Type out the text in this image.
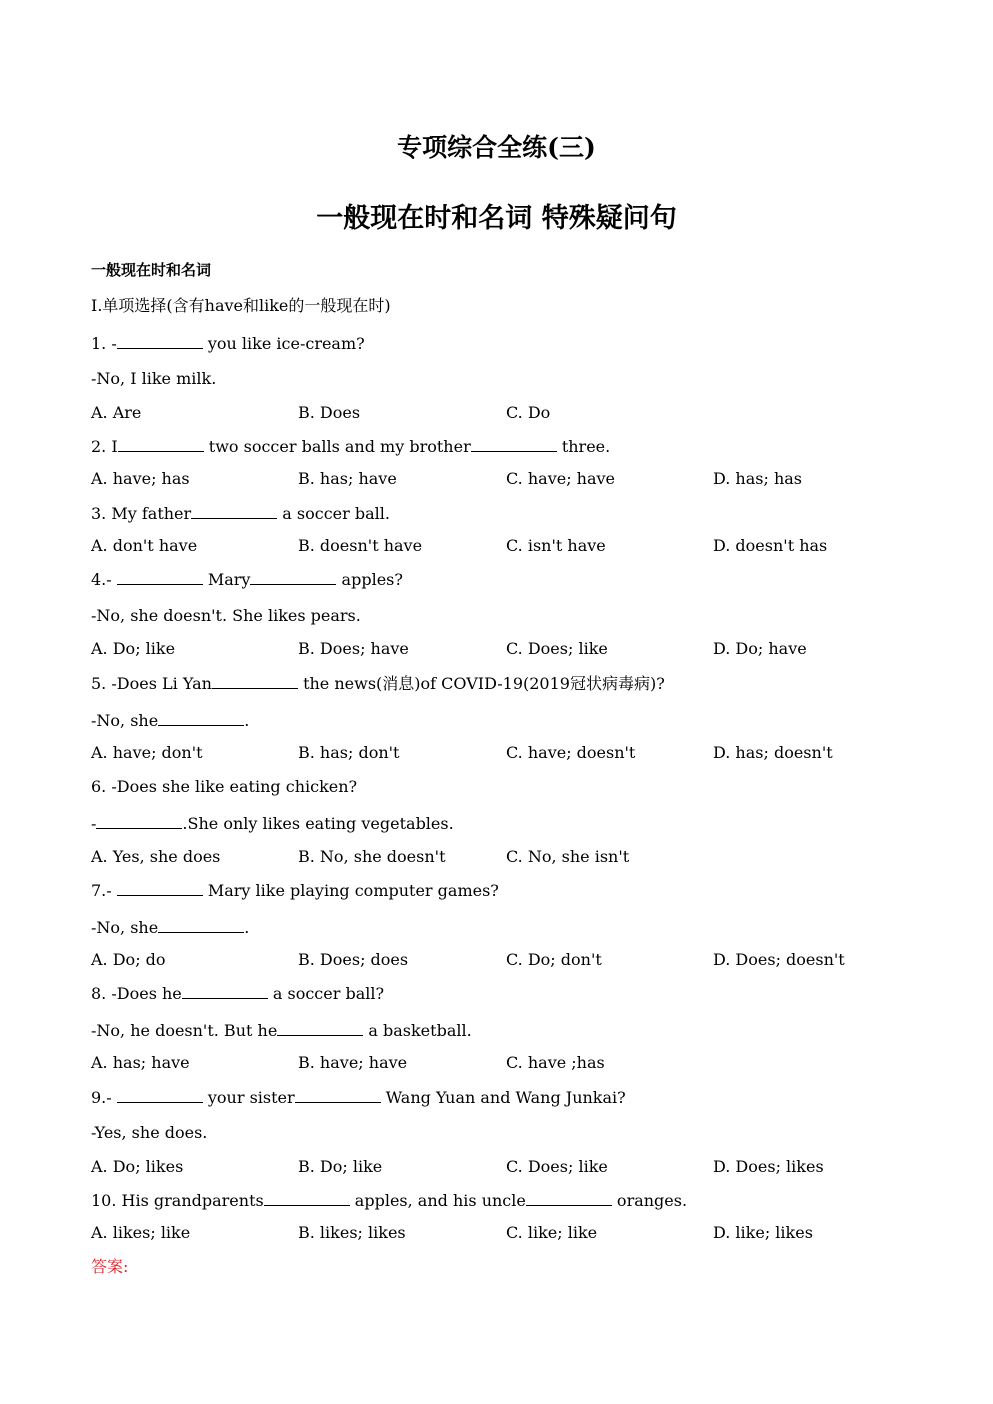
专项综合全练(三)
一般现在时和名词 特殊疑问句
一般现在时和名词
I.单项选择(含有have和like的一般现在时)
1. -	you like ice-cream?
-No, I like milk.
A. Are	B. Does	C. Do
2. I	two soccer balls and my brother	three.
A. have; has	B. has; have	C. have; have	D. has; has
3. My father	a soccer ball.
A. don't have	B. doesn't have	C. isn't have	D. doesn't has
4.-	Mary	apples?
-No, she doesn't. She likes pears.
A. Do; like	B. Does; have	C. Does; like	D. Do; have
5. -Does Li Yan	the news(消息)of COVID-19(2019冠状病毒病)?
-No, she	.
A. have; don't	B. has; don't	C. have; doesn't	D. has; doesn't
6. -Does she like eating chicken?
-	.She only likes eating vegetables.
A. Yes, she does	B. No, she doesn't	C. No, she isn't
7.-	Mary like playing computer games?
-No, she	.
A. Do; do	B. Does; does	C. Do; don't	D. Does; doesn't
8. -Does he	a soccer ball?
-No, he doesn't. But he	a basketball.
A. has; have	B. have; have	C. have ;has
9.-	your sister	Wang Yuan and Wang Junkai?
-Yes, she does.
A. Do; likes	B. Do; like	C. Does; like	D. Does; likes
10. His grandparents	apples, and his uncle	oranges.
A. likes; like	B. likes; likes	C. like; like	D. like; likes
答案:
